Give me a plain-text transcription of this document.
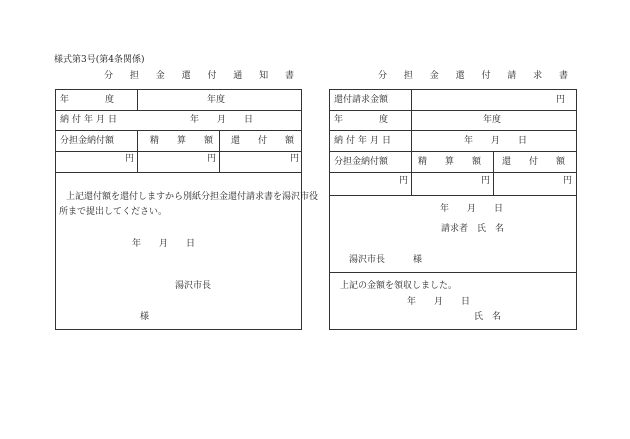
様式第3号(第4条関係)
分 担 金 還 付 通 知 書
年　　　　度	年度
納付年月日	年　　月　　日
分担金納付額	精　　算　　額 還　　付　　額
円	円	円
上記還付額を還付しますから別紙分担金還付請求書を湯沢市役
所まで提出してください。
年　　月　　日
湯沢市長
様
分 担 金 還 付 請 求 書
還付請求金額	円
年　　　　度	年度
納付年月日	年　　月　　日
分担金納付額	精　　算　　額 還　　付　　額
円	円	円
年　　月　　日
請求者　氏　名
湯沢市長	様
上記の金額を領収しました。
年　　月　　日
氏　名
